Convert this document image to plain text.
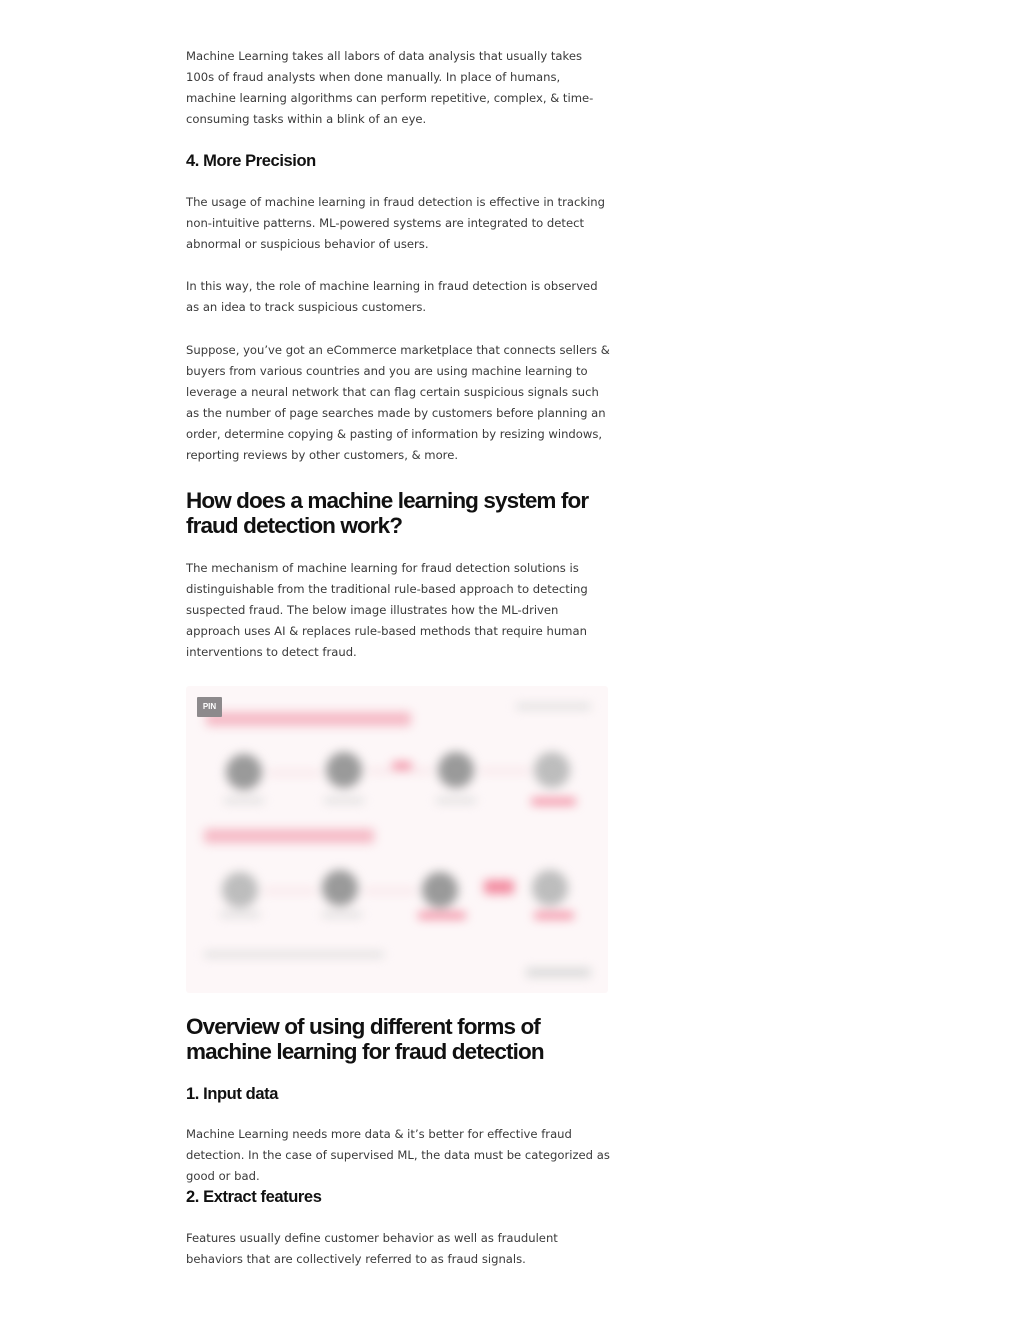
Machine Learning takes all labors of data analysis that usually takes 100s of fraud analysts when done manually. In place of humans, machine learning algorithms can perform repetitive, complex, & time-consuming tasks within a blink of an eye.

4. More Precision

The usage of machine learning in fraud detection is effective in tracking non-intuitive patterns. ML-powered systems are integrated to detect abnormal or suspicious behavior of users.

In this way, the role of machine learning in fraud detection is observed as an idea to track suspicious customers.

Suppose, you’ve got an eCommerce marketplace that connects sellers & buyers from various countries and you are using machine learning to leverage a neural network that can flag certain suspicious signals such as the number of page searches made by customers before planning an order, determine copying & pasting of information by resizing windows, reporting reviews by other customers, & more.

How does a machine learning system for fraud detection work?

The mechanism of machine learning for fraud detection solutions is distinguishable from the traditional rule-based approach to detecting suspected fraud. The below image illustrates how the ML-driven approach uses AI & replaces rule-based methods that require human interventions to detect fraud.

PIN
Overview of using different forms of machine learning for fraud detection
1. Input data

Machine Learning needs more data & it’s better for effective fraud detection. In the case of supervised ML, the data must be categorized as good or bad.

2. Extract features

Features usually define customer behavior as well as fraudulent behaviors that are collectively referred to as fraud signals.
